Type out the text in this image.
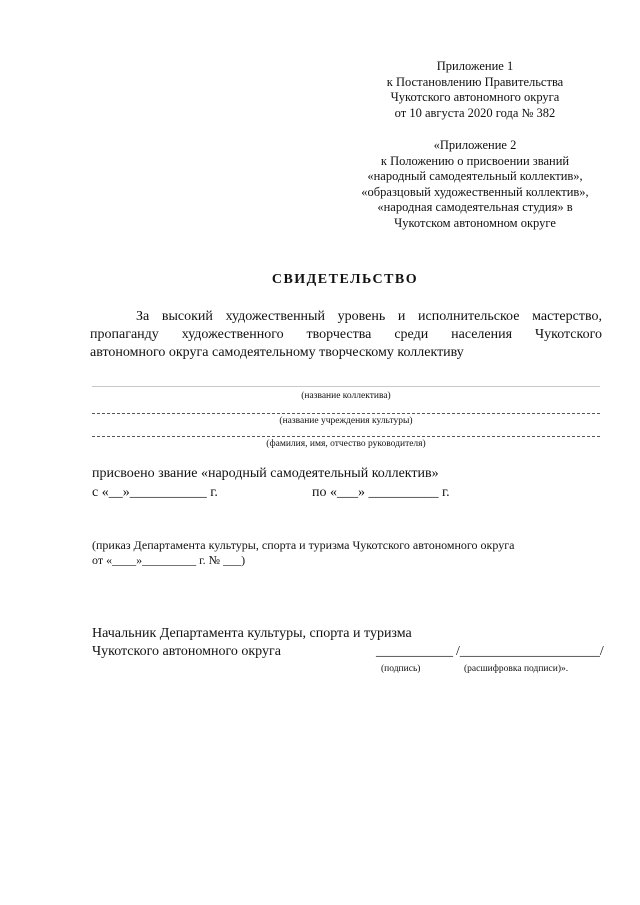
Приложение 1
к Постановлению Правительства
Чукотского автономного округа
от 10 августа 2020 года № 382
«Приложение 2
к Положению о присвоении званий
«народный самодеятельный коллектив»,
«образцовый художественный коллектив»,
«народная самодеятельная студия» в
Чукотском автономном округе
СВИДЕТЕЛЬСТВО
За высокий художественный уровень и исполнительское мастерство,
пропаганду художественного творчества среди населения Чукотского
автономного округа самодеятельному творческому коллективу
(название коллектива)
(название учреждения культуры)
(фамилия, имя, отчество руководителя)
присвоено звание «народный самодеятельный коллектив»
с «__»___________ г.	по «___» __________ г.
(приказ Департамента культуры, спорта и туризма Чукотского автономного округа
от «____»_________ г. № ___)
Начальник Департамента культуры, спорта и туризма
Чукотского автономного округа	___________ /____________________/
(подпись)	(расшифровка подписи)».
